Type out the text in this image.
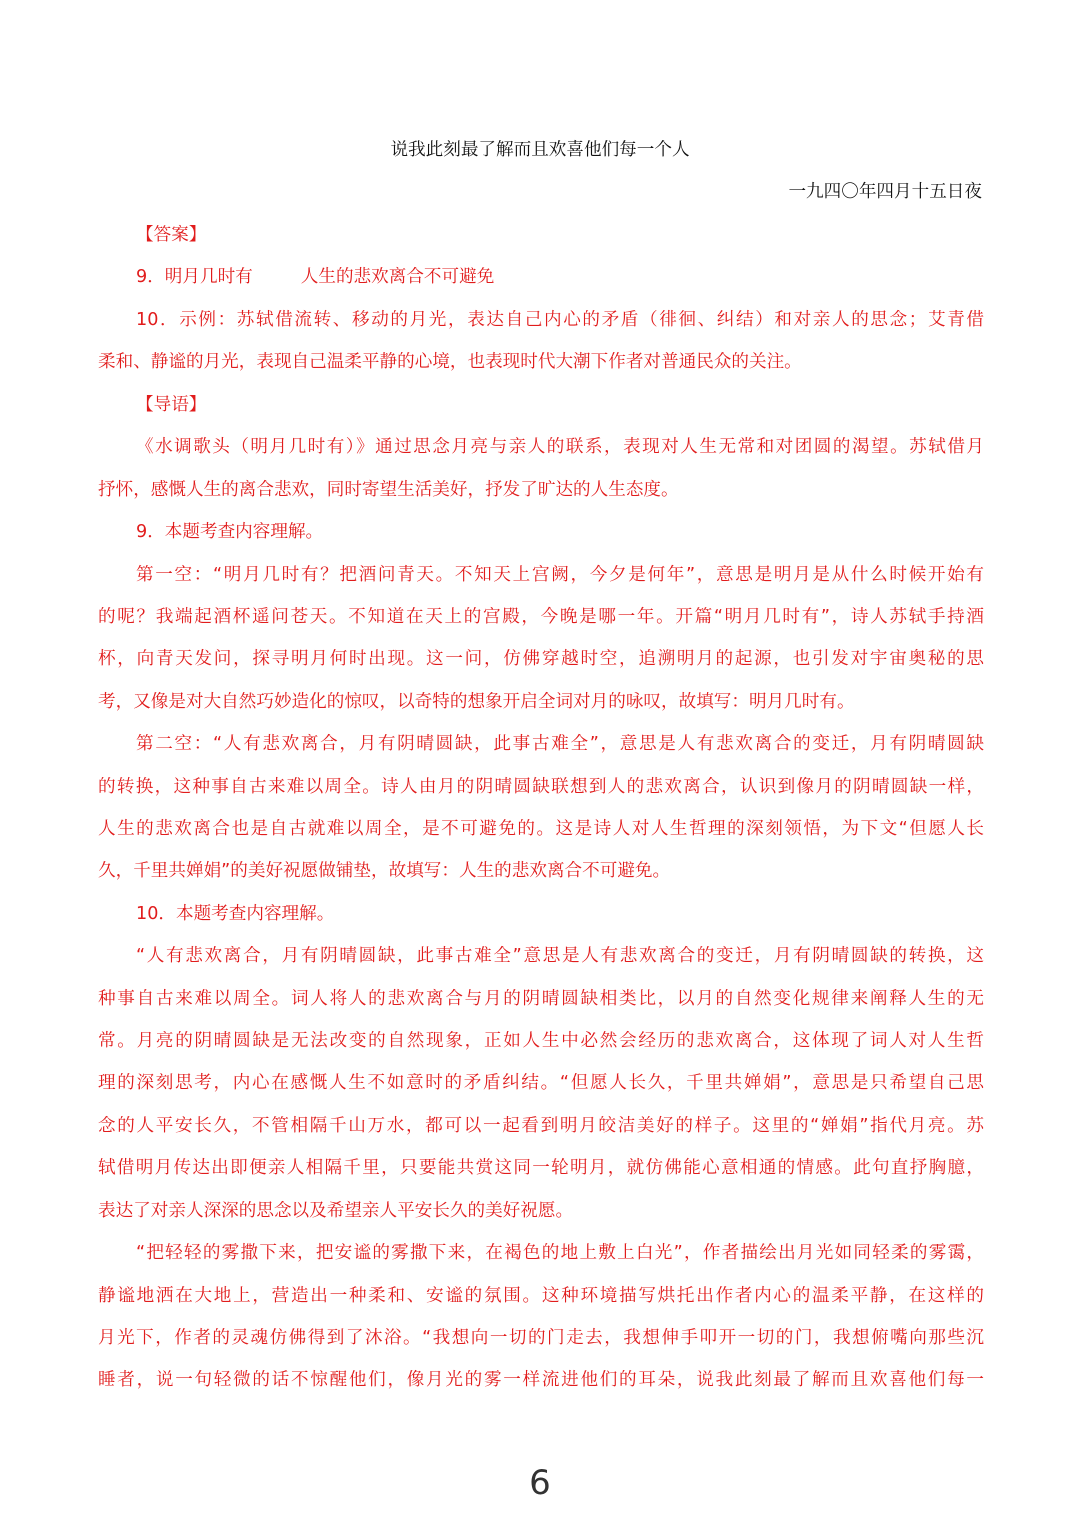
说我此刻最了解而且欢喜他们每一个人
一九四〇年四月十五日夜
【答案】
9．明月几时有	人生的悲欢离合不可避免
10．示例：苏轼借流转、移动的月光，表达自己内心的矛盾（徘徊、纠结）和对亲人的思念；艾青借
柔和、静谧的月光，表现自己温柔平静的心境，也表现时代大潮下作者对普通民众的关注。
【导语】
《水调歌头（明月几时有）》通过思念月亮与亲人的联系，表现对人生无常和对团圆的渴望。苏轼借月
抒怀，感慨人生的离合悲欢，同时寄望生活美好，抒发了旷达的人生态度。
9．本题考查内容理解。
第一空：“明月几时有？把酒问青天。不知天上宫阙，今夕是何年”，意思是明月是从什么时候开始有
的呢？我端起酒杯遥问苍天。不知道在天上的宫殿，今晚是哪一年。开篇“明月几时有”，诗人苏轼手持酒
杯，向青天发问，探寻明月何时出现。这一问，仿佛穿越时空，追溯明月的起源，也引发对宇宙奥秘的思
考，又像是对大自然巧妙造化的惊叹，以奇特的想象开启全词对月的咏叹，故填写：明月几时有。
第二空：“人有悲欢离合，月有阴晴圆缺，此事古难全”，意思是人有悲欢离合的变迁，月有阴晴圆缺
的转换，这种事自古来难以周全。诗人由月的阴晴圆缺联想到人的悲欢离合，认识到像月的阴晴圆缺一样，
人生的悲欢离合也是自古就难以周全，是不可避免的。这是诗人对人生哲理的深刻领悟，为下文“但愿人长
久，千里共婵娟”的美好祝愿做铺垫，故填写：人生的悲欢离合不可避免。
10．本题考查内容理解。
“人有悲欢离合，月有阴晴圆缺，此事古难全”意思是人有悲欢离合的变迁，月有阴晴圆缺的转换，这
种事自古来难以周全。词人将人的悲欢离合与月的阴晴圆缺相类比，以月的自然变化规律来阐释人生的无
常。月亮的阴晴圆缺是无法改变的自然现象，正如人生中必然会经历的悲欢离合，这体现了词人对人生哲
理的深刻思考，内心在感慨人生不如意时的矛盾纠结。“但愿人长久，千里共婵娟”，意思是只希望自己思
念的人平安长久，不管相隔千山万水，都可以一起看到明月皎洁美好的样子。这里的“婵娟”指代月亮。苏
轼借明月传达出即便亲人相隔千里，只要能共赏这同一轮明月，就仿佛能心意相通的情感。此句直抒胸臆，
表达了对亲人深深的思念以及希望亲人平安长久的美好祝愿。
“把轻轻的雾撒下来，把安谧的雾撒下来，在褐色的地上敷上白光”，作者描绘出月光如同轻柔的雾霭，
静谧地洒在大地上，营造出一种柔和、安谧的氛围。这种环境描写烘托出作者内心的温柔平静，在这样的
月光下，作者的灵魂仿佛得到了沐浴。“我想向一切的门走去，我想伸手叩开一切的门，我想俯嘴向那些沉
睡者，说一句轻微的话不惊醒他们，像月光的雾一样流进他们的耳朵，说我此刻最了解而且欢喜他们每一
6
